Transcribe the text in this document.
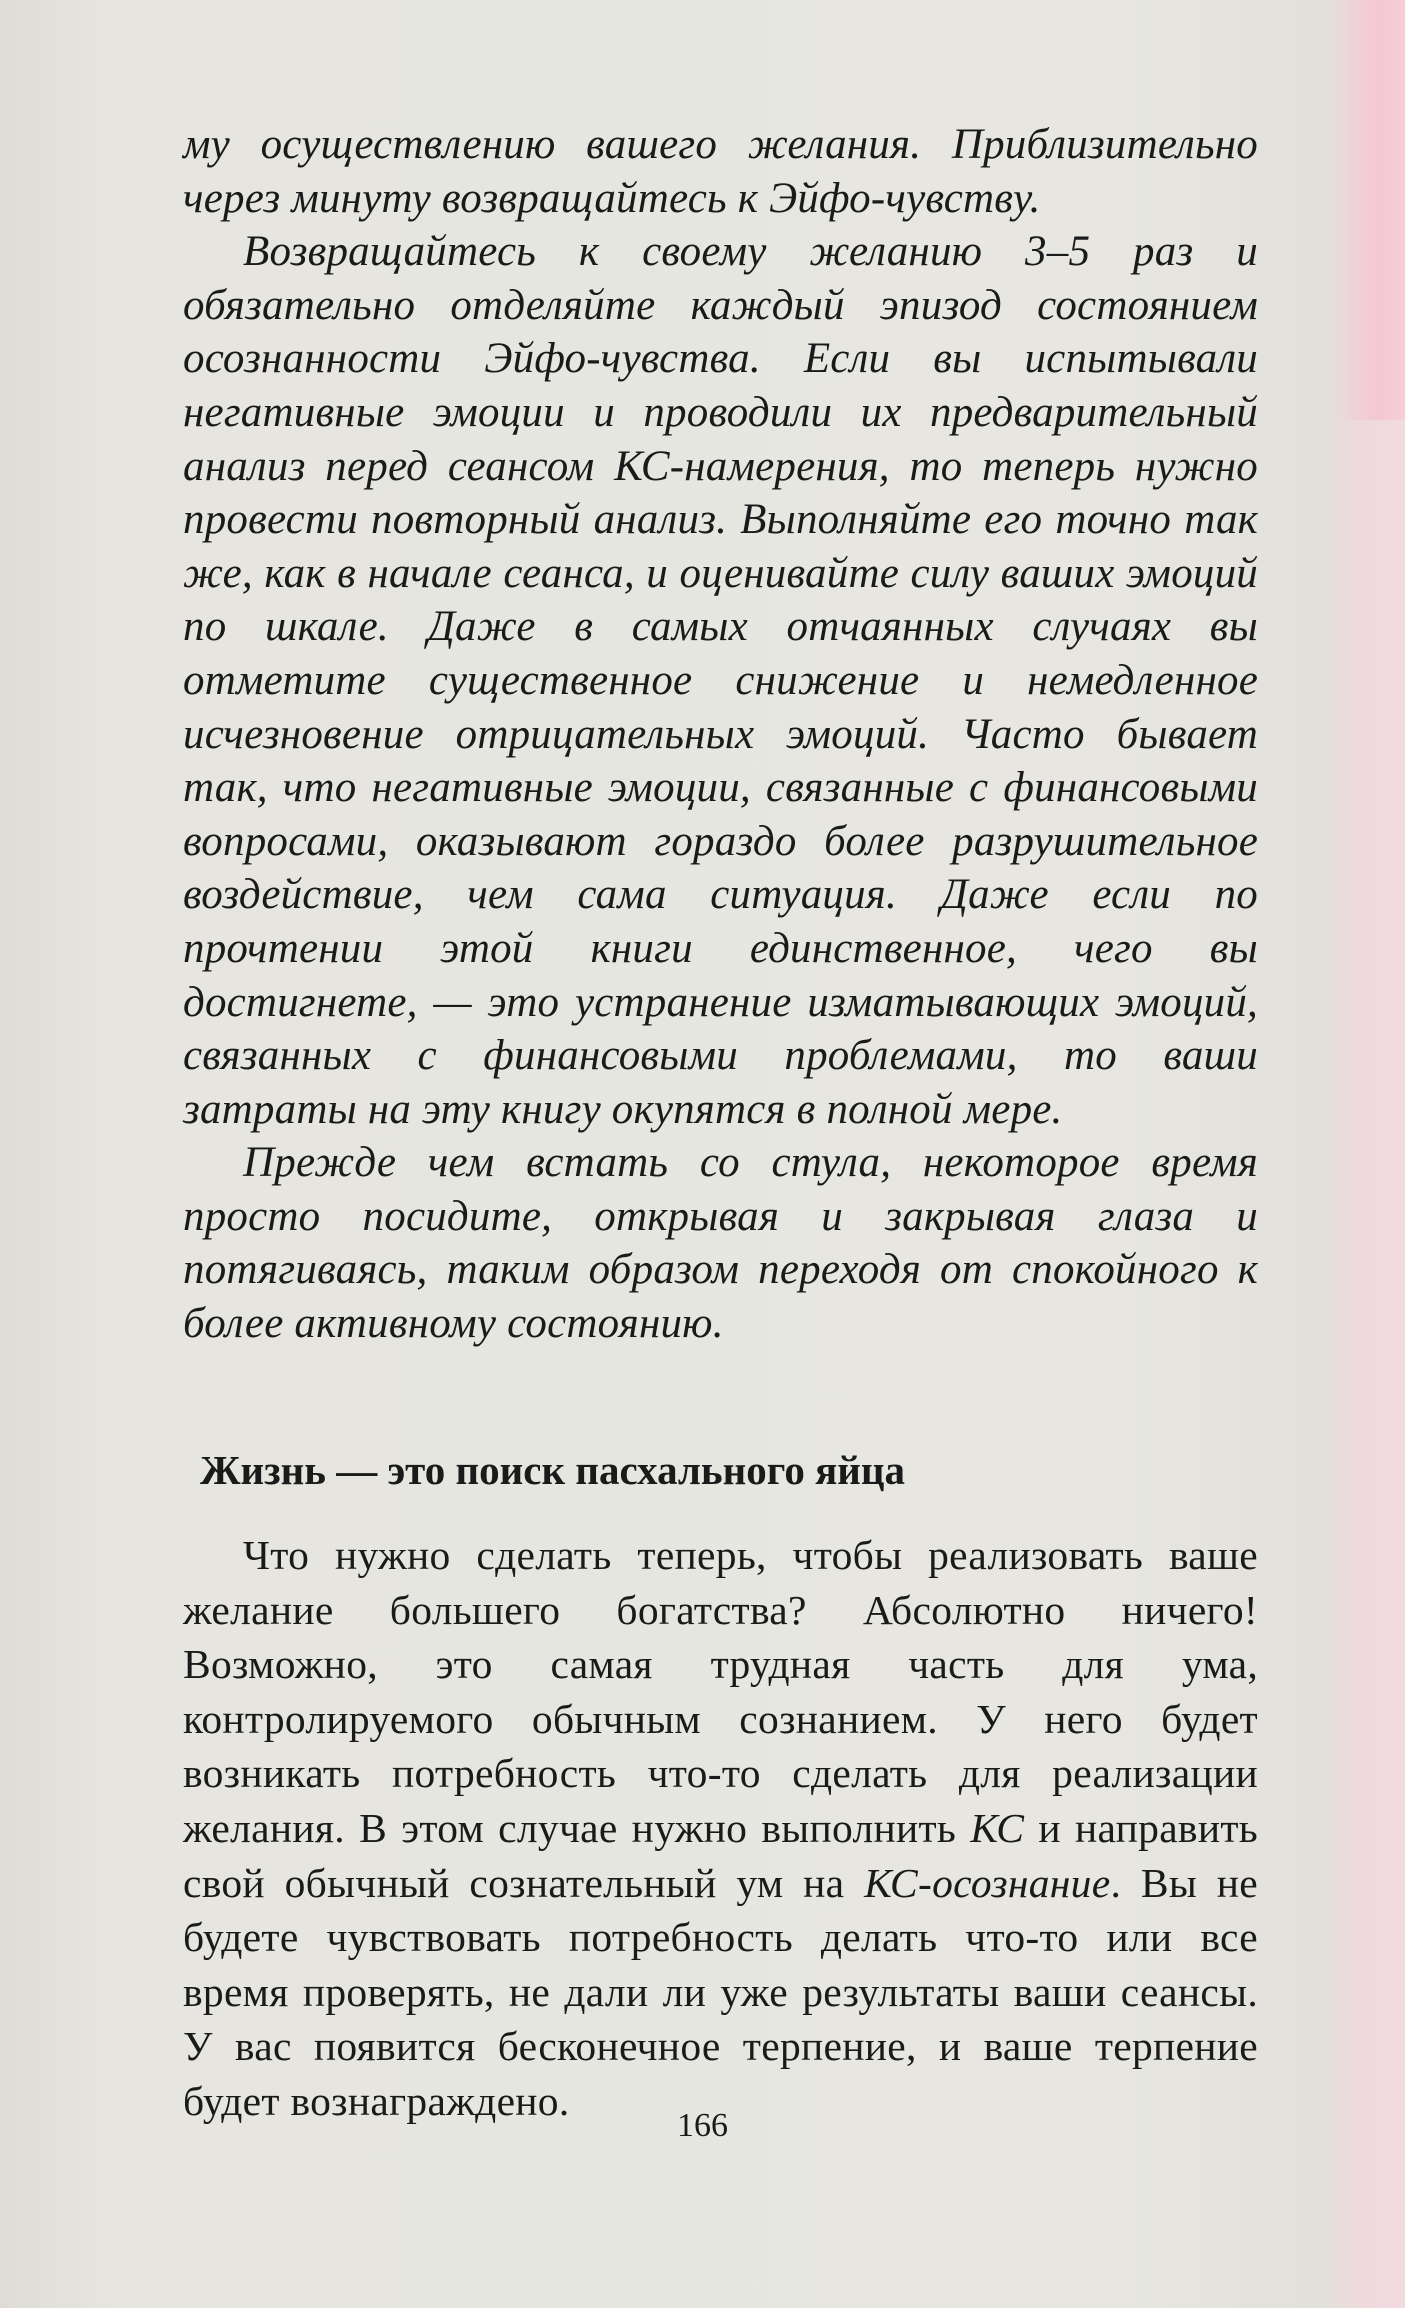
му осуществлению вашего желания. Приблизительно через минуту возвращайтесь к Эйфо-чувству.

Возвращайтесь к своему желанию 3–5 раз и обязательно отделяйте каждый эпизод состоянием осознанности Эйфо-чувства. Если вы испытывали негативные эмоции и проводили их предварительный анализ перед сеансом КС-намерения, то теперь нужно провести повторный анализ. Выполняйте его точно так же, как в начале сеанса, и оценивайте силу ваших эмоций по шкале. Даже в самых отчаянных случаях вы отметите существенное снижение и немедленное исчезновение отрицательных эмоций. Часто бывает так, что негативные эмоции, связанные с финансовыми вопросами, оказывают гораздо более разрушительное воздействие, чем сама ситуация. Даже если по прочтении этой книги единственное, чего вы достигнете, — это устранение изматывающих эмоций, связанных с финансовыми проблемами, то ваши затраты на эту книгу окупятся в полной мере.

Прежде чем встать со стула, некоторое время просто посидите, открывая и закрывая глаза и потягиваясь, таким образом переходя от спокойного к более активному состоянию.

Жизнь — это поиск пасхального яйца

Что нужно сделать теперь, чтобы реализовать ваше желание большего богатства? Абсолютно ничего! Возможно, это самая трудная часть для ума, контролируемого обычным сознанием. У него будет возникать потребность что-то сделать для реализации желания. В этом случае нужно выполнить КС и направить свой обычный сознательный ум на КС-осознание. Вы не будете чувствовать потребность делать что-то или все время проверять, не дали ли уже результаты ваши сеансы. У вас появится бесконечное терпение, и ваше терпение будет вознаграждено.

166
